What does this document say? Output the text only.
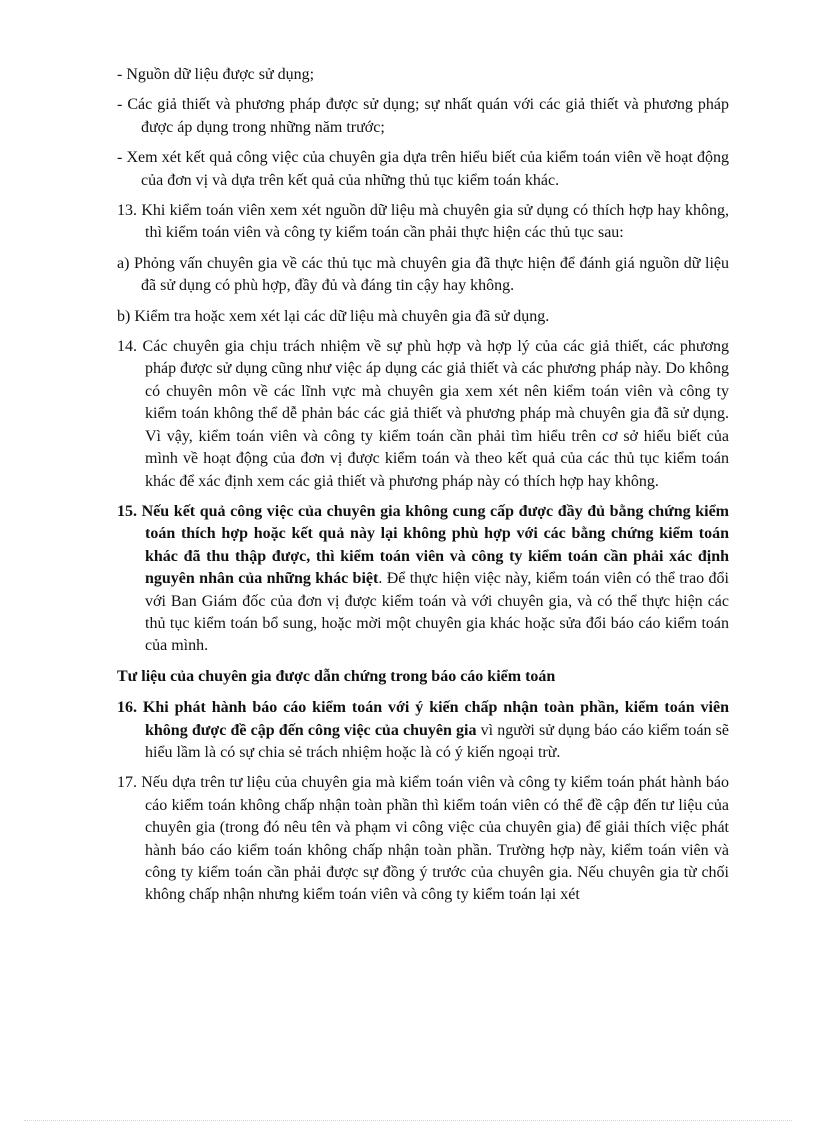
- Nguồn dữ liệu được sử dụng;

- Các giả thiết và phương pháp được sử dụng; sự nhất quán với các giả thiết và phương pháp được áp dụng trong những năm trước;

- Xem xét kết quả công việc của chuyên gia dựa trên hiểu biết của kiểm toán viên về hoạt động của đơn vị và dựa trên kết quả của những thủ tục kiểm toán khác.

13. Khi kiểm toán viên xem xét nguồn dữ liệu mà chuyên gia sử dụng có thích hợp hay không, thì kiểm toán viên và công ty kiểm toán cần phải thực hiện các thủ tục sau:

a) Phỏng vấn chuyên gia về các thủ tục mà chuyên gia đã thực hiện để đánh giá nguồn dữ liệu đã sử dụng có phù hợp, đầy đủ và đáng tin cậy hay không.

b) Kiểm tra hoặc xem xét lại các dữ liệu mà chuyên gia đã sử dụng.

14. Các chuyên gia chịu trách nhiệm về sự phù hợp và hợp lý của các giả thiết, các phương pháp được sử dụng cũng như việc áp dụng các giả thiết và các phương pháp này. Do không có chuyên môn về các lĩnh vực mà chuyên gia xem xét nên kiểm toán viên và công ty kiểm toán không thể dễ phản bác các giả thiết và phương pháp mà chuyên gia đã sử dụng. Vì vậy, kiểm toán viên và công ty kiểm toán cần phải tìm hiểu trên cơ sở hiểu biết của mình về hoạt động của đơn vị được kiểm toán và theo kết quả của các thủ tục kiểm toán khác để xác định xem các giả thiết và phương pháp này có thích hợp hay không.

15. Nếu kết quả công việc của chuyên gia không cung cấp được đầy đủ bằng chứng kiểm toán thích hợp hoặc kết quả này lại không phù hợp với các bằng chứng kiểm toán khác đã thu thập được, thì kiểm toán viên và công ty kiểm toán cần phải xác định nguyên nhân của những khác biệt. Để thực hiện việc này, kiểm toán viên có thể trao đổi với Ban Giám đốc của đơn vị được kiểm toán và với chuyên gia, và có thể thực hiện các thủ tục kiểm toán bổ sung, hoặc mời một chuyên gia khác hoặc sửa đổi báo cáo kiểm toán của mình.

Tư liệu của chuyên gia được dẫn chứng trong báo cáo kiểm toán

16. Khi phát hành báo cáo kiểm toán với ý kiến chấp nhận toàn phần, kiểm toán viên không được đề cập đến công việc của chuyên gia vì người sử dụng báo cáo kiểm toán sẽ hiểu lầm là có sự chia sẻ trách nhiệm hoặc là có ý kiến ngoại trừ.

17. Nếu dựa trên tư liệu của chuyên gia mà kiểm toán viên và công ty kiểm toán phát hành báo cáo kiểm toán không chấp nhận toàn phần thì kiểm toán viên có thể đề cập đến tư liệu của chuyên gia (trong đó nêu tên và phạm vi công việc của chuyên gia) để giải thích việc phát hành báo cáo kiểm toán không chấp nhận toàn phần. Trường hợp này, kiểm toán viên và công ty kiểm toán cần phải được sự đồng ý trước của chuyên gia. Nếu chuyên gia từ chối không chấp nhận nhưng kiểm toán viên và công ty kiểm toán lại xét
